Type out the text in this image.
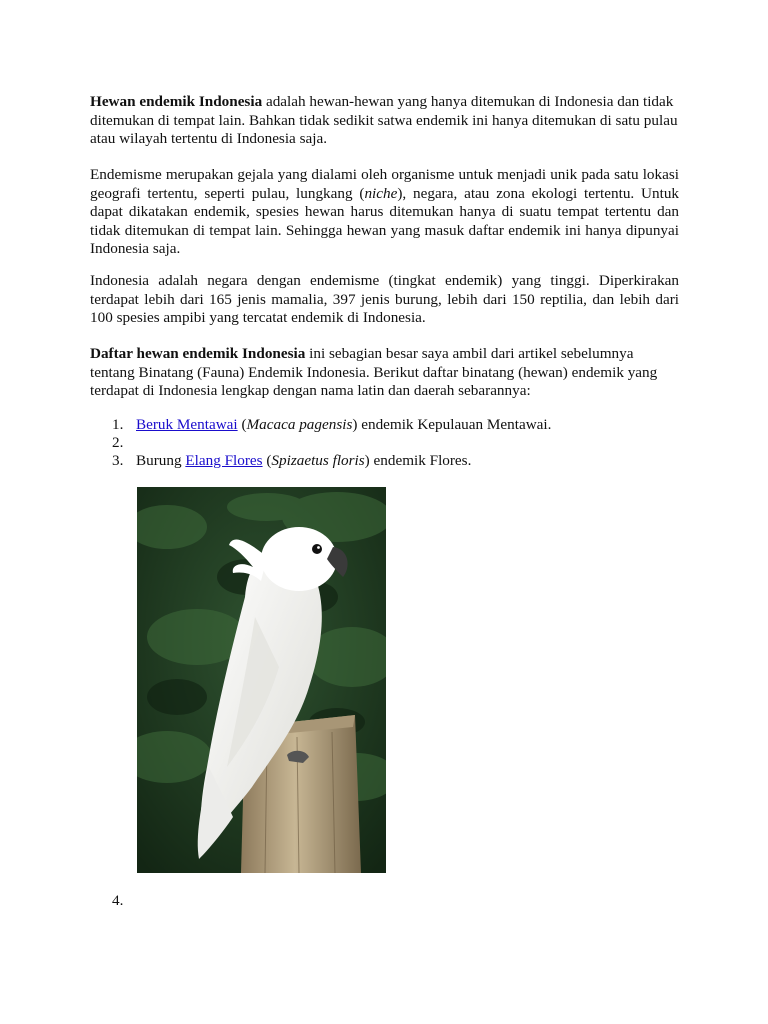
Hewan endemik Indonesia adalah hewan-hewan yang hanya ditemukan di Indonesia dan tidak ditemukan di tempat lain. Bahkan tidak sedikit satwa endemik ini hanya ditemukan di satu pulau atau wilayah tertentu di Indonesia saja.

Endemisme merupakan gejala yang dialami oleh organisme untuk menjadi unik pada satu lokasi geografi tertentu, seperti pulau, lungkang (niche), negara, atau zona ekologi tertentu. Untuk dapat dikatakan endemik, spesies hewan harus ditemukan hanya di suatu tempat tertentu dan tidak ditemukan di tempat lain. Sehingga hewan yang masuk daftar endemik ini hanya dipunyai Indonesia saja.

Indonesia adalah negara dengan endemisme (tingkat endemik) yang tinggi. Diperkirakan terdapat lebih dari 165 jenis mamalia, 397 jenis burung, lebih dari 150 reptilia, dan lebih dari 100 spesies ampibi yang tercatat endemik di Indonesia.

Daftar hewan endemik Indonesia ini sebagian besar saya ambil dari artikel sebelumnya tentang Binatang (Fauna) Endemik Indonesia. Berikut daftar binatang (hewan) endemik yang terdapat di Indonesia lengkap dengan nama latin dan daerah sebarannya:

1. Beruk Mentawai (Macaca pagensis) endemik Kepulauan Mentawai.
2.
3. Burung Elang Flores (Spizaetus floris) endemik Flores.
4.
